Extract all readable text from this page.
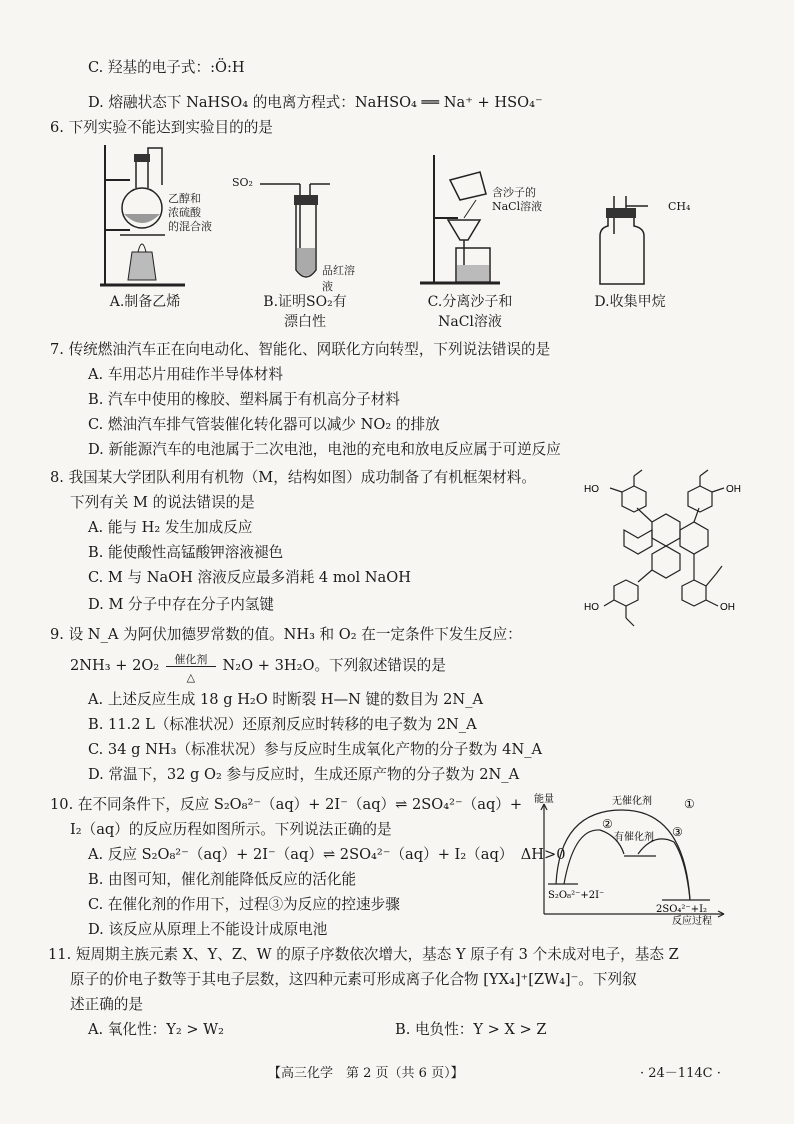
C. 羟基的电子式：:Ö:H
D. 熔融状态下 NaHSO₄ 的电离方程式：NaHSO₄ ══ Na⁺ + HSO₄⁻
6. 下列实验不能达到实验目的的是
乙醇和
浓硫酸
的混合液
SO₂
品红溶液
含沙子的
NaCl溶液	CH₄
A.制备乙烯	B.证明SO₂有
漂白性
C.分离沙子和
NaCl溶液
D.收集甲烷
7. 传统燃油汽车正在向电动化、智能化、网联化方向转型，下列说法错误的是
A. 车用芯片用硅作半导体材料
B. 汽车中使用的橡胶、塑料属于有机高分子材料
C. 燃油汽车排气管装催化转化器可以减少 NO₂ 的排放
D. 新能源汽车的电池属于二次电池，电池的充电和放电反应属于可逆反应
8. 我国某大学团队利用有机物（M，结构如图）成功制备了有机框架材料。
下列有关 M 的说法错误的是
A. 能与 H₂ 发生加成反应
B. 能使酸性高锰酸钾溶液褪色
C. M 与 NaOH 溶液反应最多消耗 4 mol NaOH
D. M 分子中存在分子内氢键
HO	OH
HO	OH
9. 设 N_A 为阿伏加德罗常数的值。NH₃ 和 O₂ 在一定条件下发生反应：
2NH₃ + 2O₂	催化剂
△
N₂O + 3H₂O。下列叙述错误的是
A. 上述反应生成 18 g H₂O 时断裂 H—N 键的数目为 2N_A
B. 11.2 L（标准状况）还原剂反应时转移的电子数为 2N_A
C. 34 g NH₃（标准状况）参与反应时生成氧化产物的分子数为 4N_A
D. 常温下，32 g O₂ 参与反应时，生成还原产物的分子数为 2N_A
10. 在不同条件下，反应 S₂O₈²⁻（aq）+ 2I⁻（aq）⇌ 2SO₄²⁻（aq）+
I₂（aq）的反应历程如图所示。下列说法正确的是
A. 反应 S₂O₈²⁻（aq）+ 2I⁻（aq）⇌ 2SO₄²⁻（aq）+ I₂（aq）　ΔH>0
B. 由图可知，催化剂能降低反应的活化能
C. 在催化剂的作用下，过程③为反应的控速步骤
D. 该反应从原理上不能设计成原电池
能量
反应过程
无催化剂
有催化剂
①
②
③
S₂O₈²⁻+2I⁻
2SO₄²⁻+I₂
11. 短周期主族元素 X、Y、Z、W 的原子序数依次增大，基态 Y 原子有 3 个未成对电子，基态 Z
原子的价电子数等于其电子层数，这四种元素可形成离子化合物 [YX₄]⁺[ZW₄]⁻。下列叙
述正确的是
A. 氧化性：Y₂ > W₂	B. 电负性：Y > X > Z
【高三化学　第 2 页（共 6 页）】	· 24－114C ·
